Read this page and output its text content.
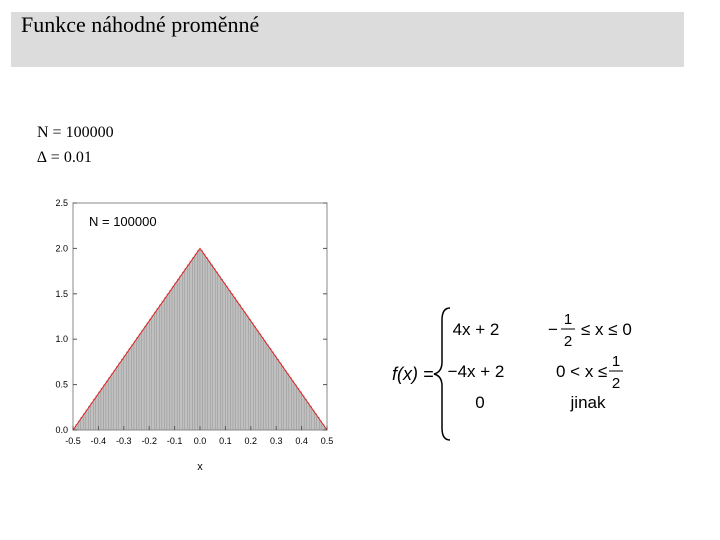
Funkce náhodné proměnné
N = 100000
∆ = 0.01
-0.5 -0.4 -0.3 -0.2 -0.1 0.0 0.1 0.2 0.3 0.4 0.5
0.0
0.5
1.0
1.5
2.0
2.5
N = 100000
x
f(x) =
4x + 2	−
1
2
≤ x ≤ 0
−4x + 2	0 < x ≤
1
2
0	jinak
